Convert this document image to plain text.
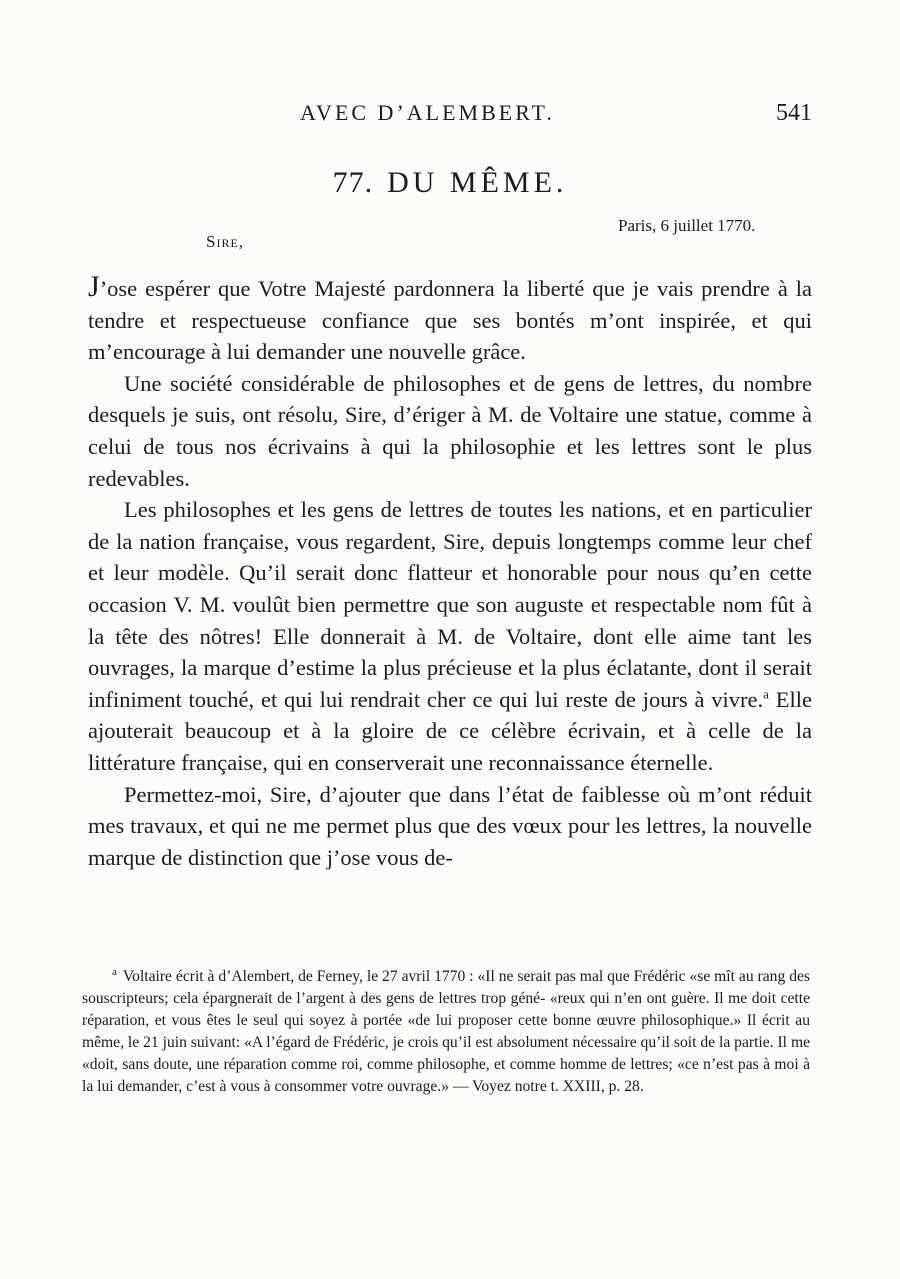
AVEC D’ALEMBERT.	541
77. DU MÊME.
Paris, 6 juillet 1770.
Sire,

J’ose espérer que Votre Majesté pardonnera la liberté que je vais prendre à la tendre et respectueuse confiance que ses bontés m’ont inspirée, et qui m’encourage à lui demander une nouvelle grâce.

Une société considérable de philosophes et de gens de lettres, du nombre desquels je suis, ont résolu, Sire, d’ériger à M. de Voltaire une statue, comme à celui de tous nos écrivains à qui la philosophie et les lettres sont le plus redevables.

Les philosophes et les gens de lettres de toutes les nations, et en particulier de la nation française, vous regardent, Sire, depuis longtemps comme leur chef et leur modèle. Qu’il serait donc flatteur et honorable pour nous qu’en cette occasion V. M. voulût bien permettre que son auguste et respectable nom fût à la tête des nôtres! Elle donnerait à M. de Voltaire, dont elle aime tant les ouvrages, la marque d’estime la plus précieuse et la plus éclatante, dont il serait infiniment touché, et qui lui rendrait cher ce qui lui reste de jours à vivre.$^a$ Elle ajouterait beaucoup et à la gloire de ce célèbre écrivain, et à celle de la littérature française, qui en conserverait une reconnaissance éternelle.

Permettez-moi, Sire, d’ajouter que dans l’état de faiblesse où m’ont réduit mes travaux, et qui ne me permet plus que des vœux pour les lettres, la nouvelle marque de distinction que j’ose vous de-

a Voltaire écrit à d’Alembert, de Ferney, le 27 avril 1770 : «Il ne serait pas mal que Frédéric «se mît au rang des souscripteurs; cela épargnerait de l’argent à des gens de lettres trop géné- «reux qui n’en ont guère. Il me doit cette réparation, et vous êtes le seul qui soyez à portée «de lui proposer cette bonne œuvre philosophique.» Il écrit au même, le 21 juin suivant: «A l’égard de Frédéric, je crois qu’il est absolument nécessaire qu’il soit de la partie. Il me «doit, sans doute, une réparation comme roi, comme philosophe, et comme homme de lettres; «ce n’est pas à moi à la lui demander, c’est à vous à consommer votre ouvrage.» — Voyez notre t. XXIII, p. 28.
